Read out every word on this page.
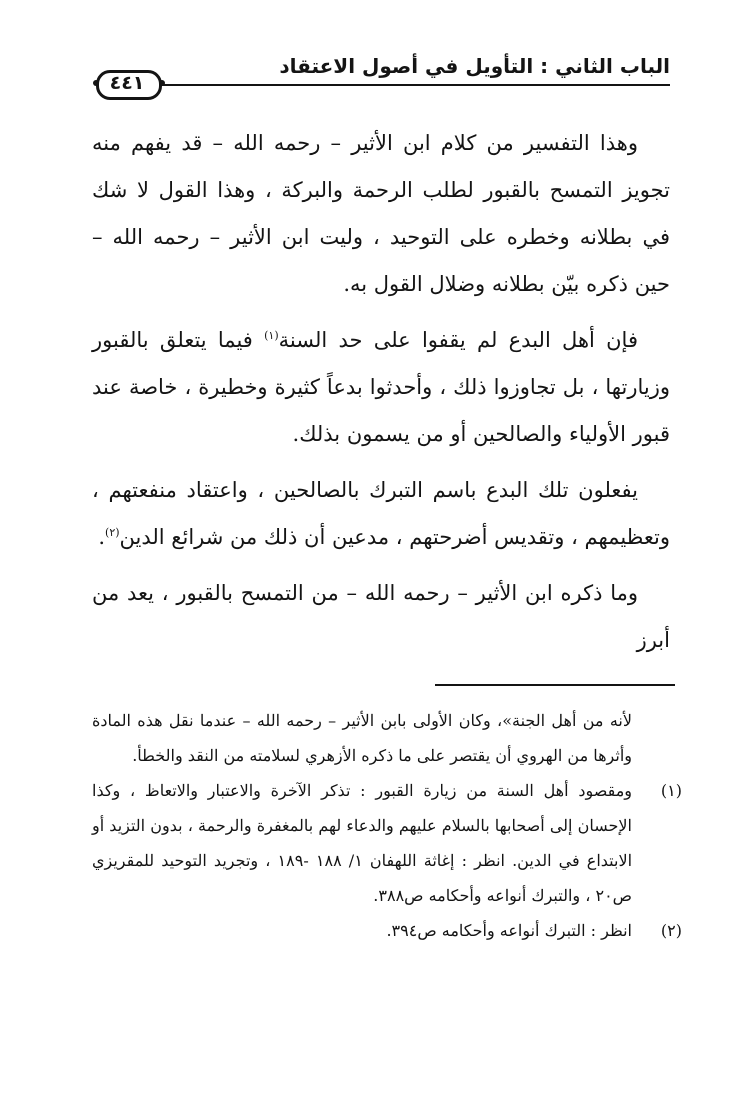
الباب الثاني : التأويل في أصول الاعتقاد
٤٤١

وهذا التفسير من كلام ابن الأثير – رحمه الله – قد يفهم منه تجويز التمسح بالقبور لطلب الرحمة والبركة ، وهذا القول لا شك في بطلانه وخطره على التوحيد ، وليت ابن الأثير – رحمه الله – حين ذكره بيّن بطلانه وضلال القول به.

فإن أهل البدع لم يقفوا على حد السنة$^{(١)}$ فيما يتعلق بالقبور وزيارتها ، بل تجاوزوا ذلك ، وأحدثوا بدعاً كثيرة وخطيرة ، خاصة عند قبور الأولياء والصالحين أو من يسمون بذلك.

يفعلون تلك البدع باسم التبرك بالصالحين ، واعتقاد منفعتهم ، وتعظيمهم ، وتقديس أضرحتهم ، مدعين أن ذلك من شرائع الدين$^{(٢)}$.

وما ذكره ابن الأثير – رحمه الله – من التمسح بالقبور ، يعد من أبرز

لأنه من أهل الجنة»، وكان الأولى بابن الأثير – رحمه الله – عندما نقل هذه المادة وأثرها من الهروي أن يقتصر على ما ذكره الأزهري لسلامته من النقد والخطأ.
(١)
ومقصود أهل السنة من زيارة القبور : تذكر الآخرة والاعتبار والاتعاظ ، وكذا الإحسان إلى أصحابها بالسلام عليهم والدعاء لهم بالمغفرة والرحمة ، بدون التزيد أو الابتداع في الدين. انظر : إغاثة اللهفان ١/ ١٨٨ -١٨٩ ، وتجريد التوحيد للمقريزي ص٢٠ ، والتبرك أنواعه وأحكامه ص٣٨٨.
(٢)
انظر : التبرك أنواعه وأحكامه ص٣٩٤.
